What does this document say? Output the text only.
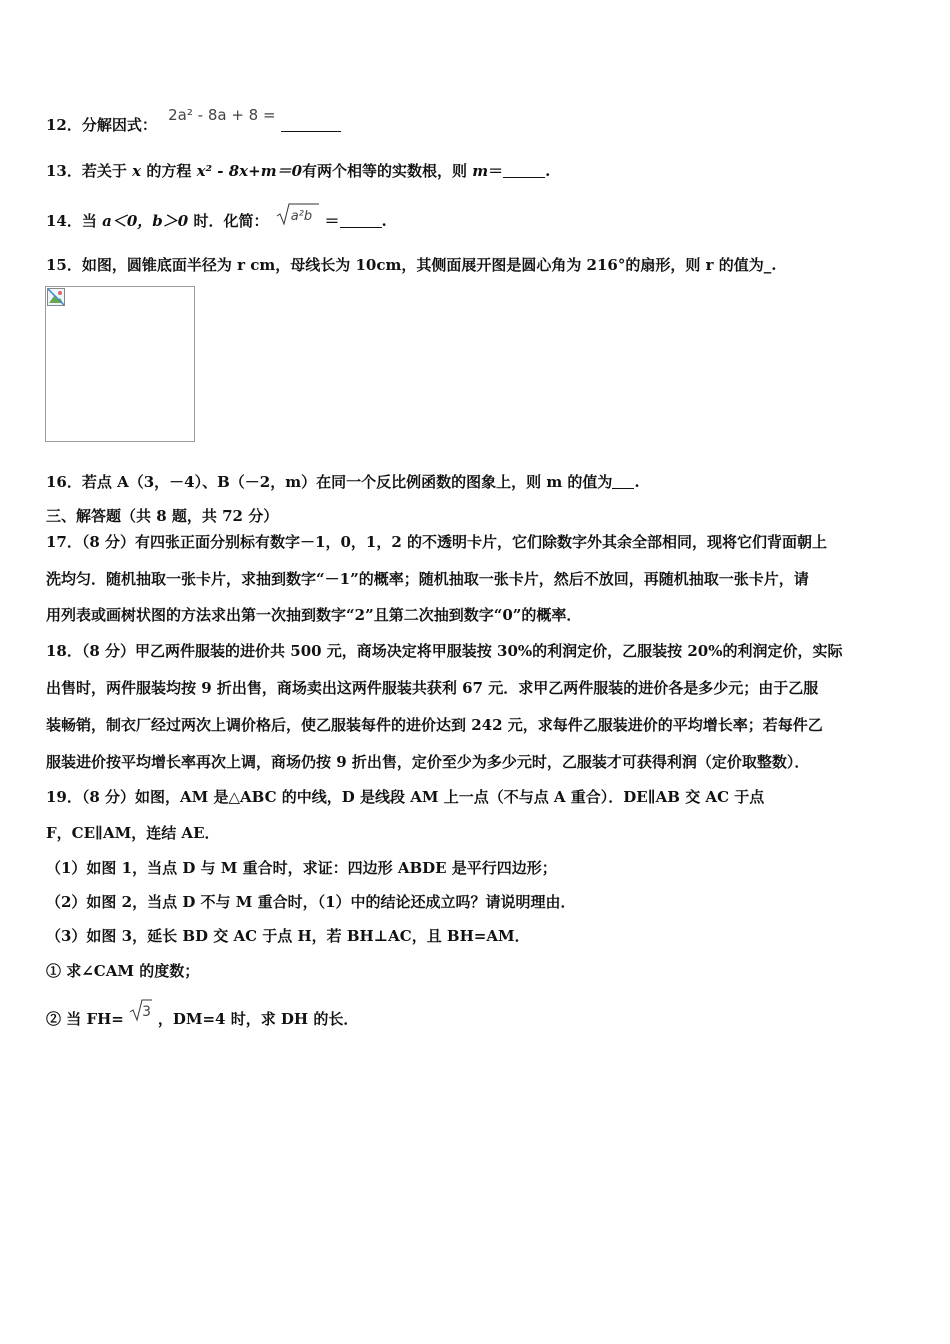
12．分解因式： 2a² - 8a + 8 =
13．若关于 x 的方程 x² - 8x+m＝0有两个相等的实数根，则 m＝	.
14．当 a＜0，b＞0 时．化简： a²b ＝	.
15．如图，圆锥底面半径为 r cm，母线长为 10cm，其侧面展开图是圆心角为 216°的扇形，则 r 的值为_.
16．若点 A（3，－4）、B（－2，m）在同一个反比例函数的图象上，则 m 的值为 .
三、解答题（共 8 题，共 72 分）
17．（8 分）有四张正面分别标有数字－1，0，1，2 的不透明卡片，它们除数字外其余全部相同，现将它们背面朝上
洗均匀．随机抽取一张卡片，求抽到数字“－1”的概率；随机抽取一张卡片，然后不放回，再随机抽取一张卡片，请
用列表或画树状图的方法求出第一次抽到数字“2”且第二次抽到数字“0”的概率．
18．（8 分）甲乙两件服装的进价共 500 元，商场决定将甲服装按 30%的利润定价，乙服装按 20%的利润定价，实际
出售时，两件服装均按 9 折出售，商场卖出这两件服装共获利 67 元．求甲乙两件服装的进价各是多少元；由于乙服
装畅销，制衣厂经过两次上调价格后，使乙服装每件的进价达到 242 元，求每件乙服装进价的平均增长率；若每件乙
服装进价按平均增长率再次上调，商场仍按 9 折出售，定价至少为多少元时，乙服装才可获得利润（定价取整数）．
19．（8 分）如图，AM 是△ABC 的中线，D 是线段 AM 上一点（不与点 A 重合）．DE∥AB 交 AC 于点
F，CE∥AM，连结 AE．
（1）如图 1，当点 D 与 M 重合时，求证：四边形 ABDE 是平行四边形；
（2）如图 2，当点 D 不与 M 重合时，（1）中的结论还成立吗？请说明理由．
（3）如图 3，延长 BD 交 AC 于点 H，若 BH⊥AC，且 BH=AM．
① 求∠CAM 的度数；
② 当 FH= 3 ，DM=4 时，求 DH 的长．
